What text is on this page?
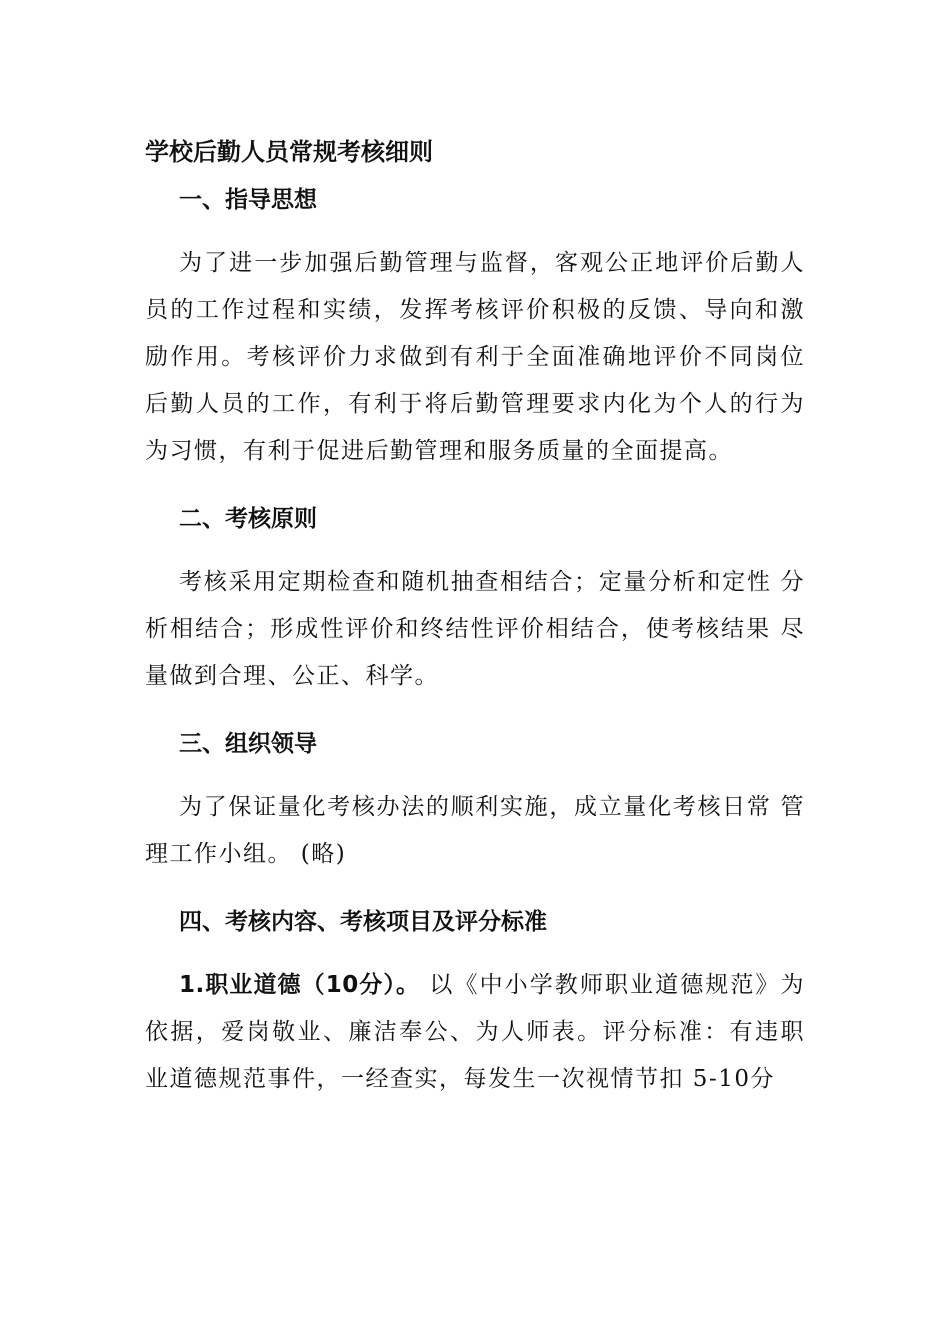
学校后勤人员常规考核细则
一、指导思想

为了进一步加强后勤管理与监督，客观公正地评价后勤人员的工作过程和实绩，发挥考核评价积极的反馈、导向和激励作用。考核评价力求做到有利于全面准确地评价不同岗位 后勤人员的工作，有利于将后勤管理要求内化为个人的行为 为习惯，有利于促进后勤管理和服务质量的全面提高。

二、考核原则

考核采用定期检查和随机抽查相结合；定量分析和定性 分析相结合；形成性评价和终结性评价相结合，使考核结果 尽量做到合理、公正、科学。

三、组织领导

为了保证量化考核办法的顺利实施，成立量化考核日常 管理工作小组。 (略)

四、考核内容、考核项目及评分标准

1.职业道德（10分）。 以《中小学教师职业道德规范》为依据，爱岗敬业、廉洁奉公、为人师表。评分标准：有违职业道德规范事件，一经查实，每发生一次视情节扣 5-10分
